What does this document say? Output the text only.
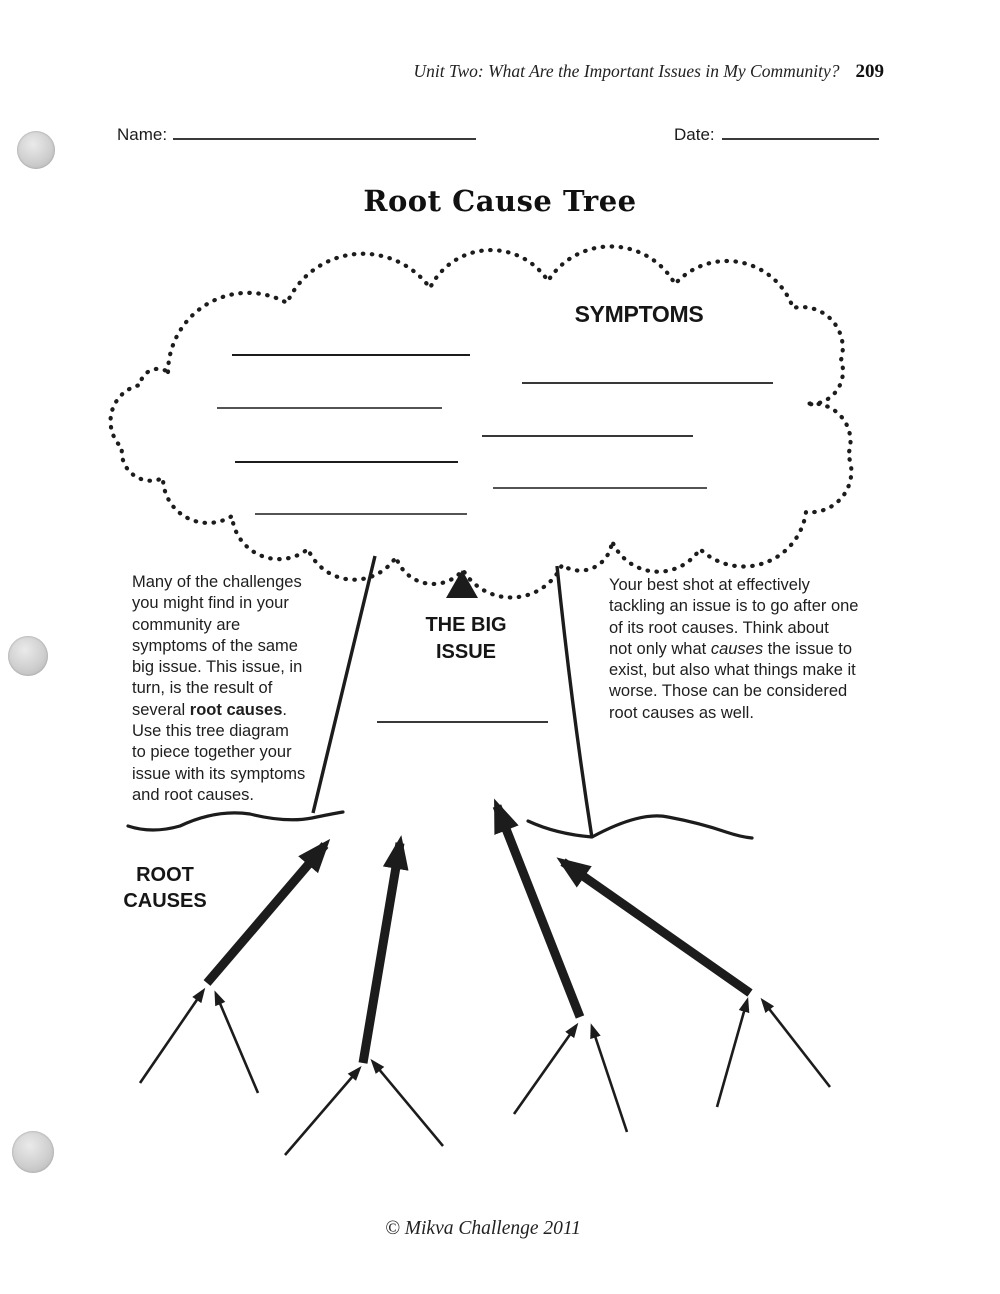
Unit Two: What Are the Important Issues in My Community? 209
Name:	Date:
Root Cause Tree
SYMPTOMS
THE BIG
ISSUE
ROOT
CAUSES
Many of the challenges
you might find in your
community are
symptoms of the same
big issue. This issue, in
turn, is the result of
several root causes.
Use this tree diagram
to piece together your
issue with its symptoms
and root causes.
Your best shot at effectively
tackling an issue is to go after one
of its root causes. Think about
not only what causes the issue to
exist, but also what things make it
worse. Those can be considered
root causes as well.
© Mikva Challenge 2011
